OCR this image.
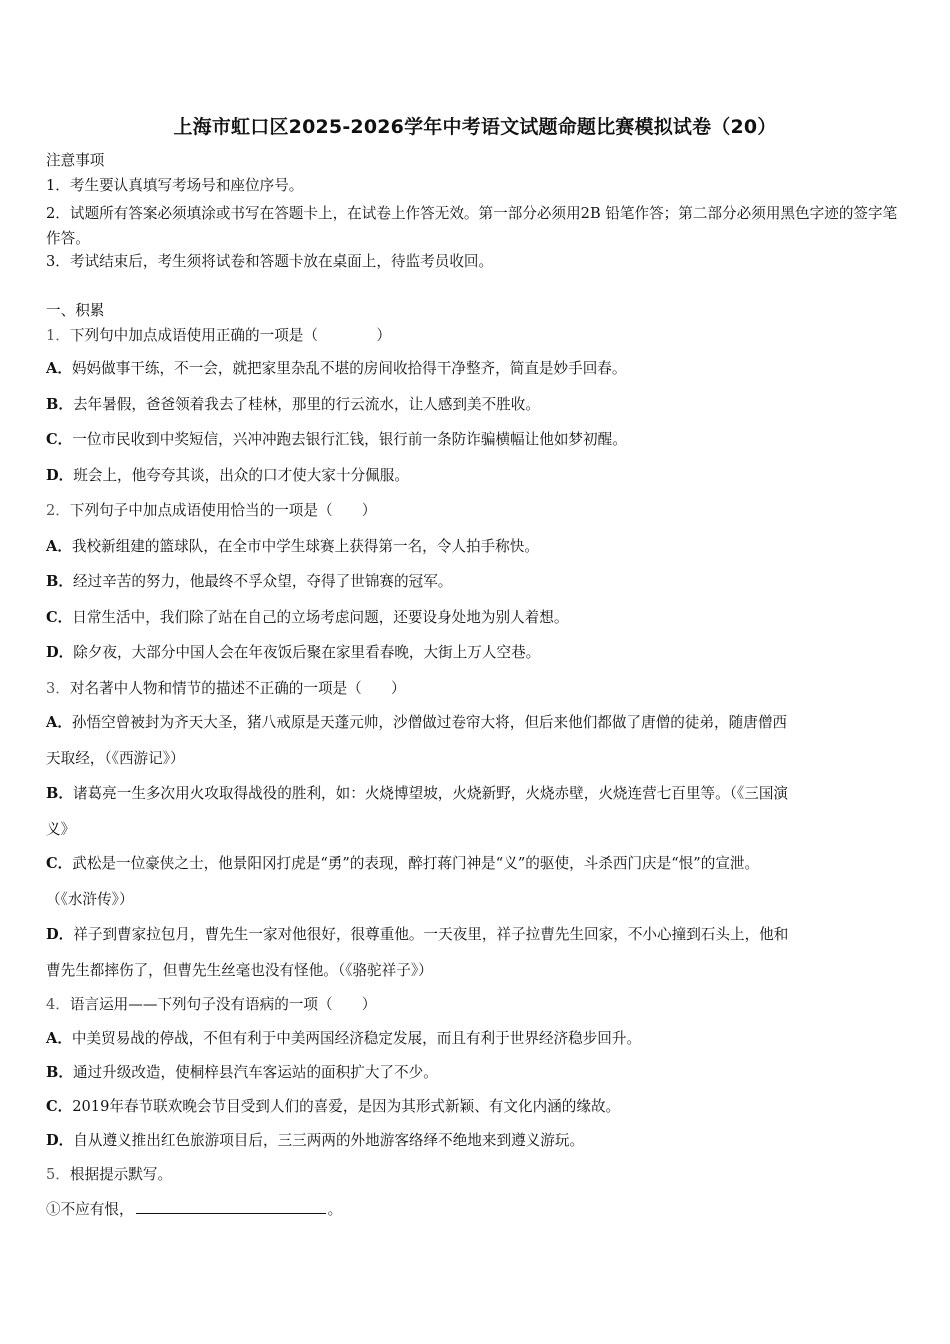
上海市虹口区2025-2026学年中考语文试题命题比赛模拟试卷（20）
注意事项
1．考生要认真填写考场号和座位序号。
2．试题所有答案必须填涂或书写在答题卡上，在试卷上作答无效。第一部分必须用2B 铅笔作答；第二部分必须用黑色字迹的签字笔作答。
3．考试结束后，考生须将试卷和答题卡放在桌面上，待监考员收回。
一、积累
1．下列句中加点成语使用正确的一项是（　　　　）
A．妈妈做事干练，不一会，就把家里杂乱不堪的房间收拾得干净整齐，简直是妙手回春。
B．去年暑假，爸爸领着我去了桂林，那里的行云流水，让人感到美不胜收。
C．一位市民收到中奖短信，兴冲冲跑去银行汇钱，银行前一条防诈骗横幅让他如梦初醒。
D．班会上，他夸夸其谈，出众的口才使大家十分佩服。
2．下列句子中加点成语使用恰当的一项是（　　）
A．我校新组建的篮球队，在全市中学生球赛上获得第一名，令人拍手称快。
B．经过辛苦的努力，他最终不孚众望，夺得了世锦赛的冠军。
C．日常生活中，我们除了站在自己的立场考虑问题，还要设身处地为别人着想。
D．除夕夜，大部分中国人会在年夜饭后聚在家里看春晚，大街上万人空巷。
3．对名著中人物和情节的描述不正确的一项是（　　）
A．孙悟空曾被封为齐天大圣，猪八戒原是天蓬元帅，沙僧做过卷帘大将，但后来他们都做了唐僧的徒弟，随唐僧西
天取经，（《西游记》）
B．诸葛亮一生多次用火攻取得战役的胜利，如：火烧博望坡，火烧新野，火烧赤壁，火烧连营七百里等。（《三国演
义》
C．武松是一位豪侠之士，他景阳冈打虎是“勇”的表现，醉打蒋门神是“义”的驱使，斗杀西门庆是“恨”的宣泄。
（《水浒传》）
D．祥子到曹家拉包月，曹先生一家对他很好，很尊重他。一天夜里，祥子拉曹先生回家，不小心撞到石头上，他和
曹先生都摔伤了，但曹先生丝毫也没有怪他。（《骆驼祥子》）
4．语言运用——下列句子没有语病的一项（　　）
A．中美贸易战的停战，不但有利于中美两国经济稳定发展，而且有利于世界经济稳步回升。
B．通过升级改造，使桐梓县汽车客运站的面积扩大了不少。
C．2019年春节联欢晚会节目受到人们的喜爱，是因为其形式新颖、有文化内涵的缘故。
D．自从遵义推出红色旅游项目后，三三两两的外地游客络绎不绝地来到遵义游玩。
5．根据提示默写。
①不应有恨，	。
